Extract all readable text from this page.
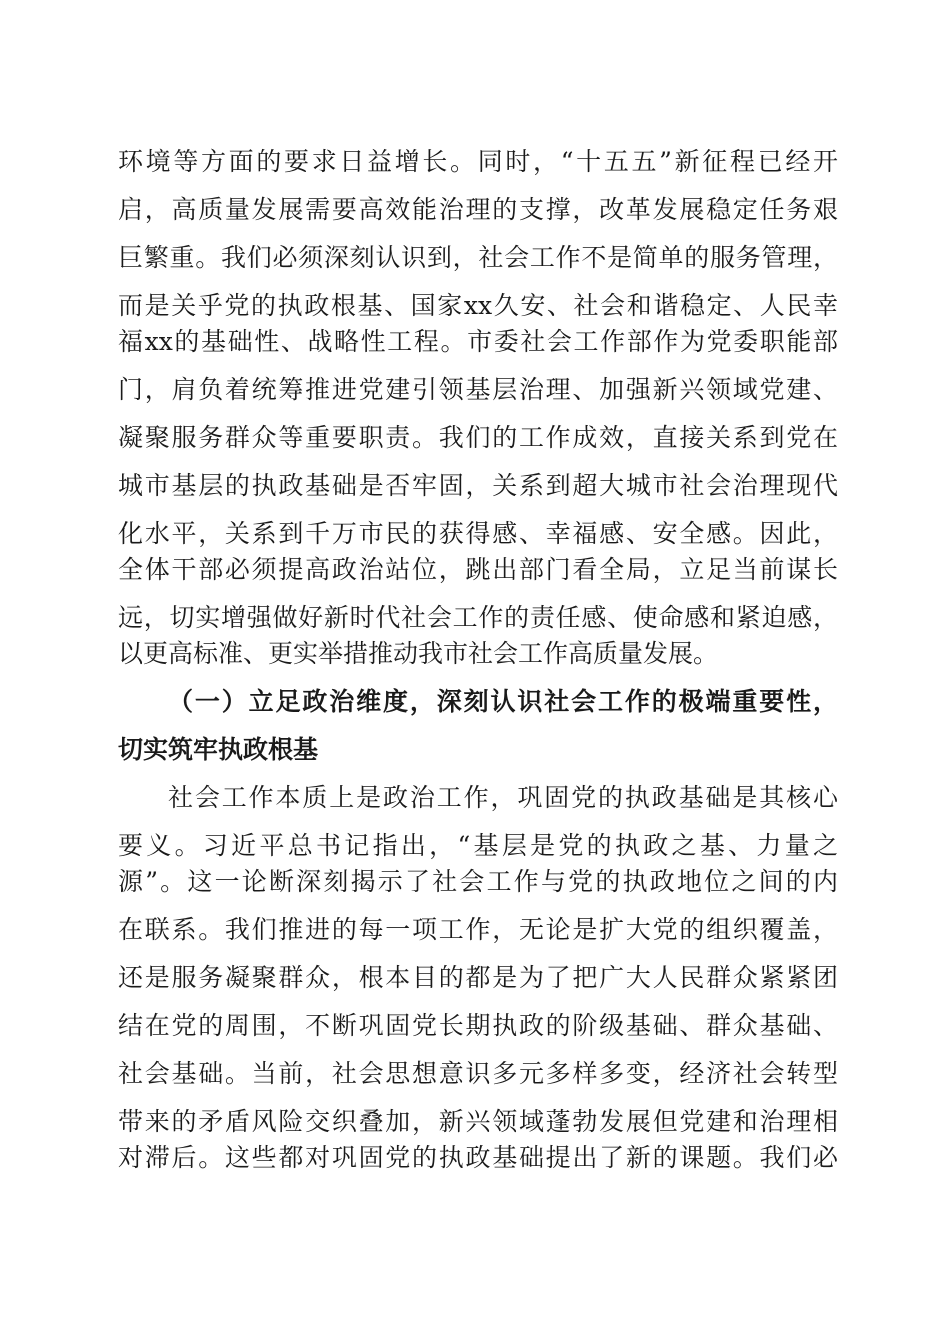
环境等方面的要求日益增长。同时，“十五五”新征程已经开
启，高质量发展需要高效能治理的支撑，改革发展稳定任务艰
巨繁重。我们必须深刻认识到，社会工作不是简单的服务管理，
而是关乎党的执政根基、国家xx久安、社会和谐稳定、人民幸
福xx的基础性、战略性工程。市委社会工作部作为党委职能部
门，肩负着统筹推进党建引领基层治理、加强新兴领域党建、
凝聚服务群众等重要职责。我们的工作成效，直接关系到党在
城市基层的执政基础是否牢固，关系到超大城市社会治理现代
化水平，关系到千万市民的获得感、幸福感、安全感。因此，
全体干部必须提高政治站位，跳出部门看全局，立足当前谋长
远，切实增强做好新时代社会工作的责任感、使命感和紧迫感，
以更高标准、更实举措推动我市社会工作高质量发展。
（一）立足政治维度，深刻认识社会工作的极端重要性，
切实筑牢执政根基
社会工作本质上是政治工作，巩固党的执政基础是其核心
要义。习近平总书记指出，“基层是党的执政之基、力量之
源”。这一论断深刻揭示了社会工作与党的执政地位之间的内
在联系。我们推进的每一项工作，无论是扩大党的组织覆盖，
还是服务凝聚群众，根本目的都是为了把广大人民群众紧紧团
结在党的周围，不断巩固党长期执政的阶级基础、群众基础、
社会基础。当前，社会思想意识多元多样多变，经济社会转型
带来的矛盾风险交织叠加，新兴领域蓬勃发展但党建和治理相
对滞后。这些都对巩固党的执政基础提出了新的课题。我们必
